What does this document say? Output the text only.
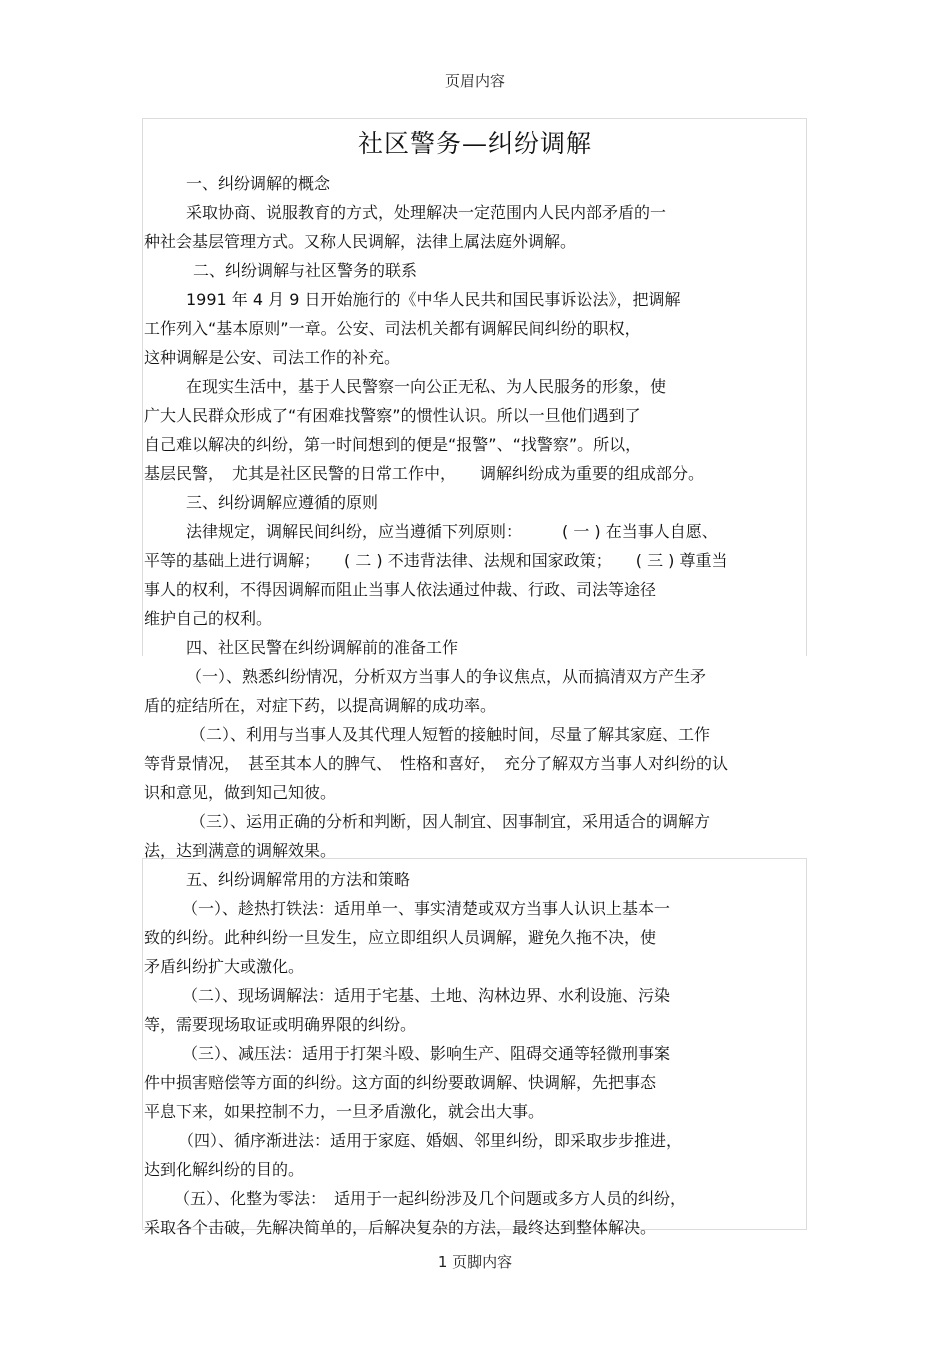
页眉内容
社区警务—纠纷调解
一、纠纷调解的概念
采取协商、说服教育的方式，处理解决一定范围内人民内部矛盾的一
种社会基层管理方式。又称人民调解，法律上属法庭外调解。
二、纠纷调解与社区警务的联系
1991 年 4 月 9 日开始施行的《中华人民共和国民事诉讼法》，把调解
工作列入“基本原则”一章。公安、司法机关都有调解民间纠纷的职权，
这种调解是公安、司法工作的补充。
在现实生活中，基于人民警察一向公正无私、为人民服务的形象，使
广大人民群众形成了“有困难找警察”的惯性认识。所以一旦他们遇到了
自己难以解决的纠纷，第一时间想到的便是“报警”、“找警察”。所以，
基层民警，　尤其是社区民警的日常工作中，　　调解纠纷成为重要的组成部分。
三、纠纷调解应遵循的原则
法律规定，调解民间纠纷，应当遵循下列原则：　　　( 一 ) 在当事人自愿、
平等的基础上进行调解；　　( 二 ) 不违背法律、法规和国家政策；　　( 三 ) 尊重当
事人的权利，不得因调解而阻止当事人依法通过仲裁、行政、司法等途径
维护自己的权利。
四、社区民警在纠纷调解前的准备工作
（一）、熟悉纠纷情况，分析双方当事人的争议焦点，从而搞清双方产生矛
盾的症结所在，对症下药，以提高调解的成功率。
（二）、利用与当事人及其代理人短暂的接触时间，尽量了解其家庭、工作
等背景情况，　甚至其本人的脾气、　性格和喜好，　充分了解双方当事人对纠纷的认
识和意见，做到知己知彼。
（三）、运用正确的分析和判断，因人制宜、因事制宜，采用适合的调解方
法，达到满意的调解效果。
五、纠纷调解常用的方法和策略
（一）、趁热打铁法：适用单一、事实清楚或双方当事人认识上基本一
致的纠纷。此种纠纷一旦发生，应立即组织人员调解，避免久拖不决，使
矛盾纠纷扩大或激化。
（二）、现场调解法：适用于宅基、土地、沟林边界、水利设施、污染
等，需要现场取证或明确界限的纠纷。
（三）、减压法：适用于打架斗殴、影响生产、阻碍交通等轻微刑事案
件中损害赔偿等方面的纠纷。这方面的纠纷要敢调解、快调解，先把事态
平息下来，如果控制不力，一旦矛盾激化，就会出大事。
（四）、循序渐进法：适用于家庭、婚姻、邻里纠纷，即采取步步推进，
达到化解纠纷的目的。
（五）、化整为零法：　适用于一起纠纷涉及几个问题或多方人员的纠纷，
采取各个击破，先解决简单的，后解决复杂的方法，最终达到整体解决。
1 页脚内容
